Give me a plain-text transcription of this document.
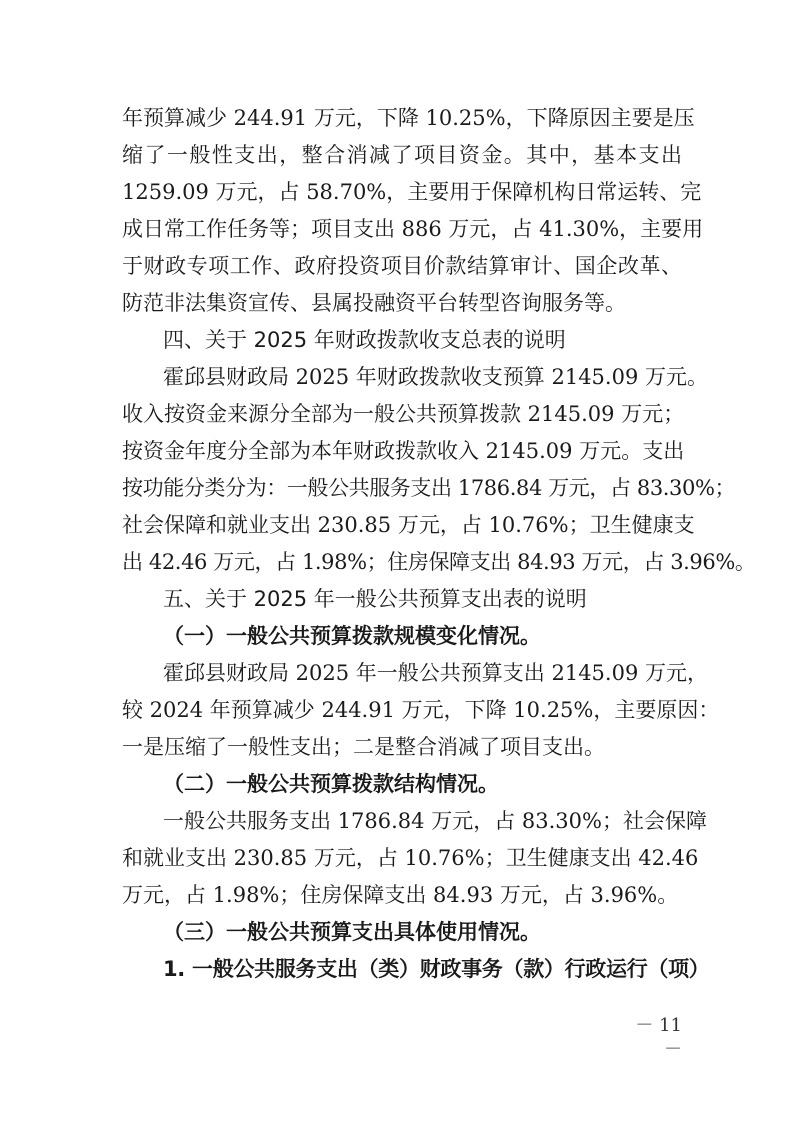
年预算减少 244.91 万元，下降 10.25%，下降原因主要是压
缩了一般性支出，整合消减了项目资金。其中，基本支出
1259.09 万元，占 58.70%，主要用于保障机构日常运转、完
成日常工作任务等；项目支出 886 万元，占 41.30%，主要用
于财政专项工作、政府投资项目价款结算审计、国企改革、
防范非法集资宣传、县属投融资平台转型咨询服务等。
四、关于 2025 年财政拨款收支总表的说明
霍邱县财政局 2025 年财政拨款收支预算 2145.09 万元。
收入按资金来源分全部为一般公共预算拨款 2145.09 万元；
按资金年度分全部为本年财政拨款收入 2145.09 万元。支出
按功能分类分为：一般公共服务支出 1786.84 万元，占 83.30%；
社会保障和就业支出 230.85 万元，占 10.76%；卫生健康支
出 42.46 万元，占 1.98%；住房保障支出 84.93 万元，占 3.96%。
五、关于 2025 年一般公共预算支出表的说明
（一）一般公共预算拨款规模变化情况。
霍邱县财政局 2025 年一般公共预算支出 2145.09 万元，
较 2024 年预算减少 244.91 万元，下降 10.25%，主要原因：
一是压缩了一般性支出；二是整合消减了项目支出。
（二）一般公共预算拨款结构情况。
一般公共服务支出 1786.84 万元，占 83.30%；社会保障
和就业支出 230.85 万元，占 10.76%；卫生健康支出 42.46
万元，占 1.98%；住房保障支出 84.93 万元，占 3.96%。
（三）一般公共预算支出具体使用情况。
1. 一般公共服务支出（类）财政事务（款）行政运行（项）
－ 11 －
